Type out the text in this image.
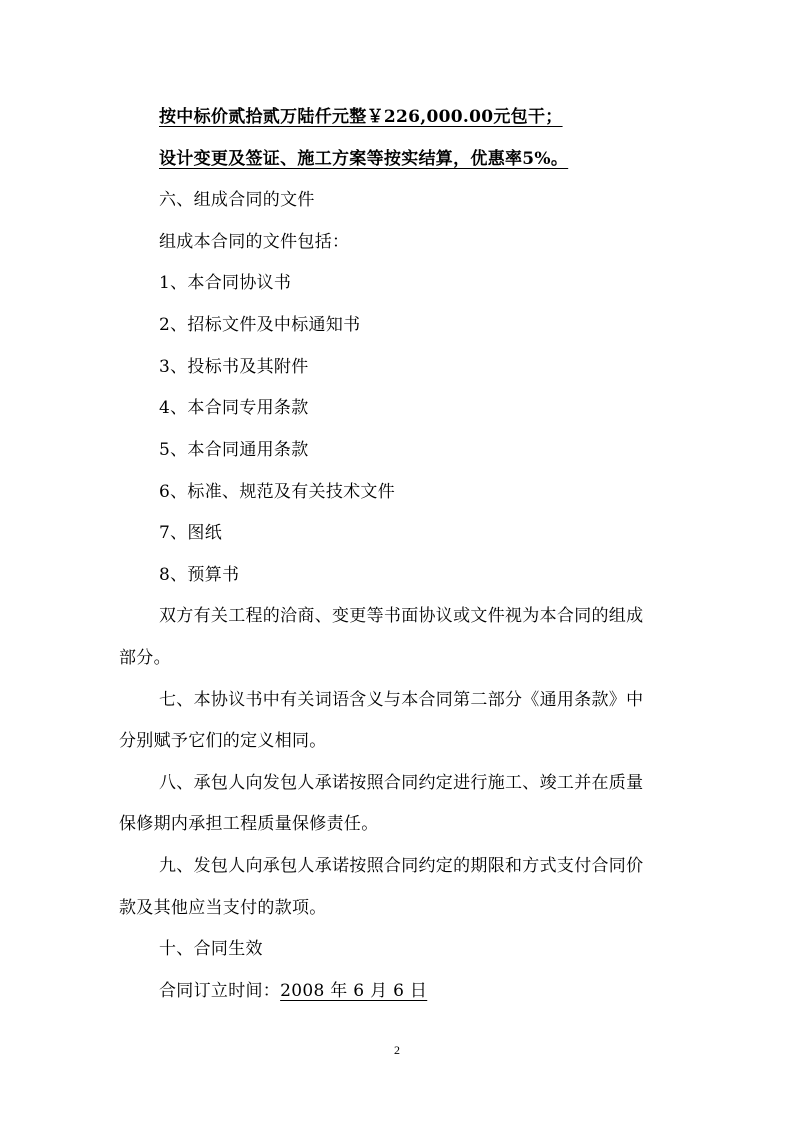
按中标价贰拾贰万陆仟元整￥226,000.00元包干；
设计变更及签证、施工方案等按实结算，优惠率5%。
六、组成合同的文件
组成本合同的文件包括：
1、本合同协议书
2、招标文件及中标通知书
3、投标书及其附件
4、本合同专用条款
5、本合同通用条款
6、标准、规范及有关技术文件
7、图纸
8、预算书
双方有关工程的洽商、变更等书面协议或文件视为本合同的组成
部分。
七、本协议书中有关词语含义与本合同第二部分《通用条款》中
分别赋予它们的定义相同。
八、承包人向发包人承诺按照合同约定进行施工、竣工并在质量
保修期内承担工程质量保修责任。
九、发包人向承包人承诺按照合同约定的期限和方式支付合同价
款及其他应当支付的款项。
十、合同生效
合同订立时间：2008 年 6 月 6 日
2
